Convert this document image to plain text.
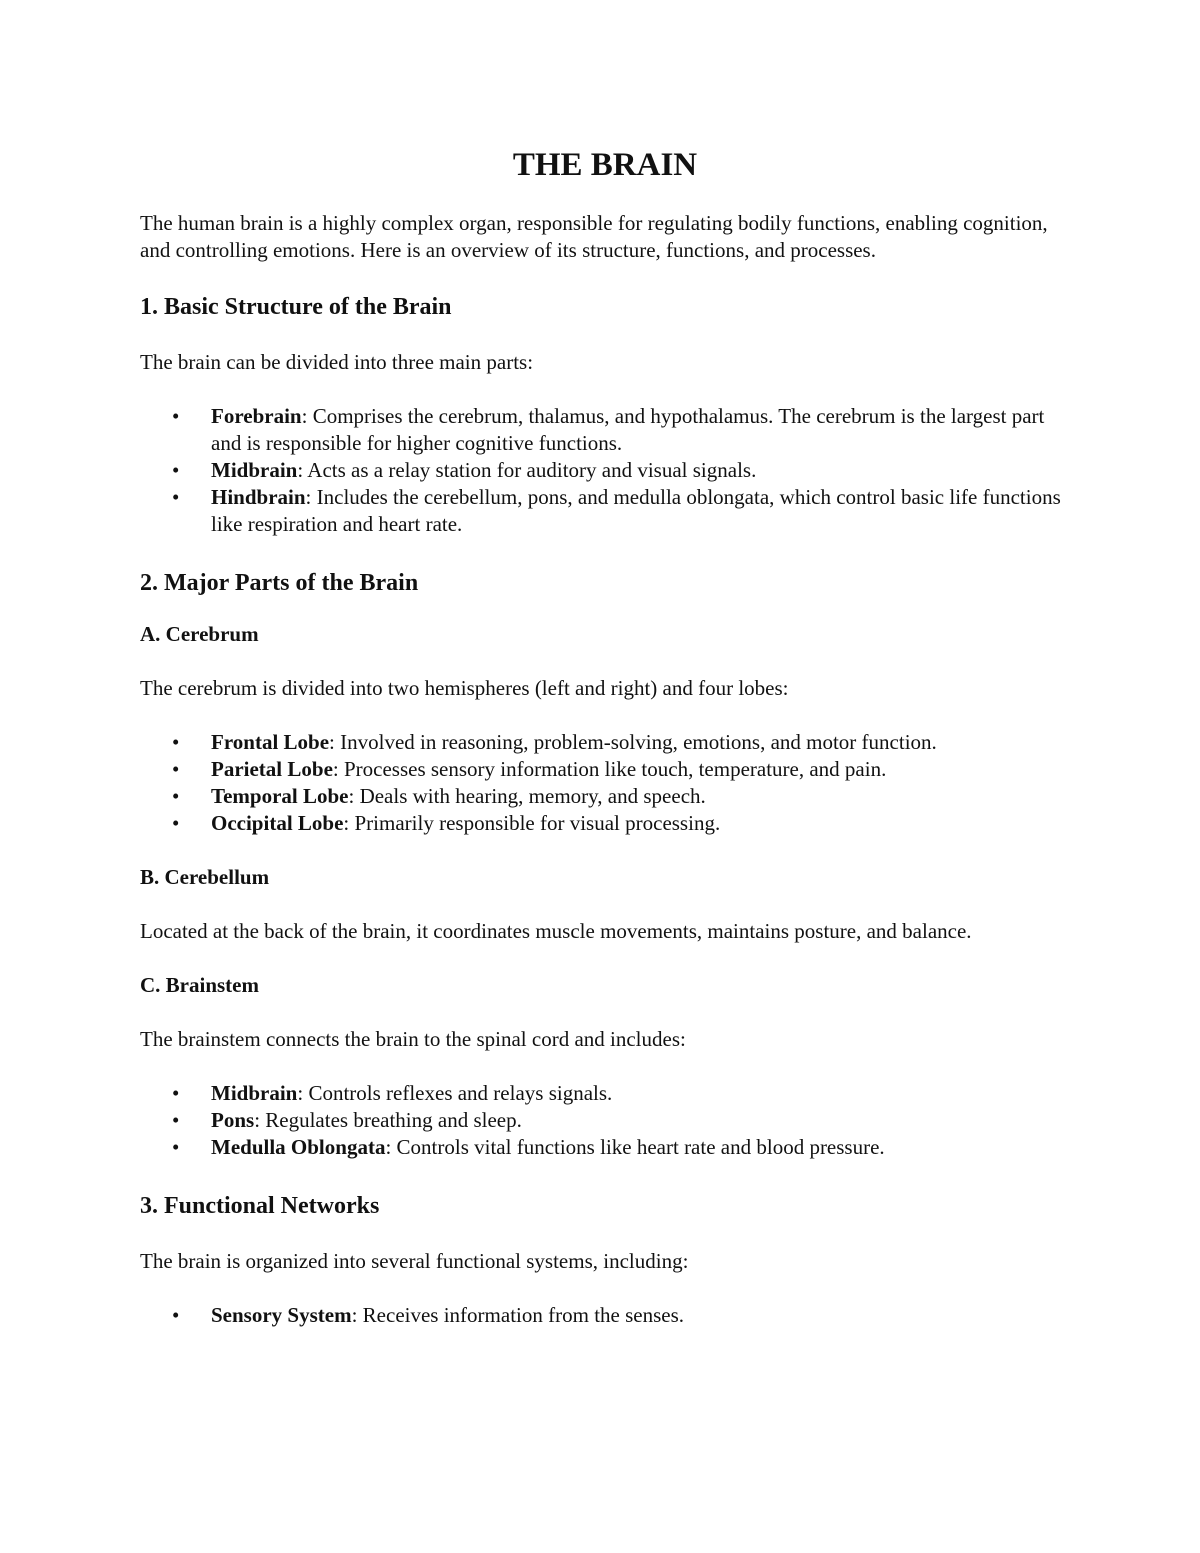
THE BRAIN

The human brain is a highly complex organ, responsible for regulating bodily functions, enabling cognition, and controlling emotions. Here is an overview of its structure, functions, and processes.

1. Basic Structure of the Brain

The brain can be divided into three main parts:

• Forebrain: Comprises the cerebrum, thalamus, and hypothalamus. The cerebrum is the largest part and is responsible for higher cognitive functions.
• Midbrain: Acts as a relay station for auditory and visual signals.
• Hindbrain: Includes the cerebellum, pons, and medulla oblongata, which control basic life functions like respiration and heart rate.
2. Major Parts of the Brain
A. Cerebrum

The cerebrum is divided into two hemispheres (left and right) and four lobes:

• Frontal Lobe: Involved in reasoning, problem-solving, emotions, and motor function.
• Parietal Lobe: Processes sensory information like touch, temperature, and pain.
• Temporal Lobe: Deals with hearing, memory, and speech.
• Occipital Lobe: Primarily responsible for visual processing.
B. Cerebellum

Located at the back of the brain, it coordinates muscle movements, maintains posture, and balance.

C. Brainstem

The brainstem connects the brain to the spinal cord and includes:

• Midbrain: Controls reflexes and relays signals.
• Pons: Regulates breathing and sleep.
• Medulla Oblongata: Controls vital functions like heart rate and blood pressure.
3. Functional Networks

The brain is organized into several functional systems, including:

• Sensory System: Receives information from the senses.
